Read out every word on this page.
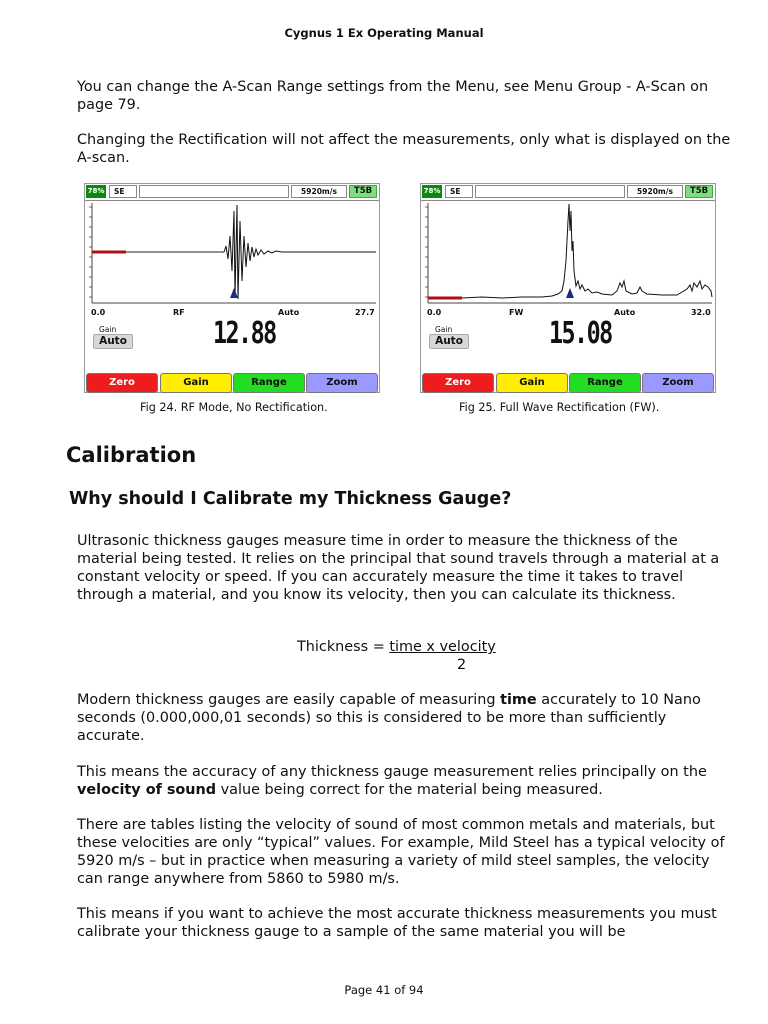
Cygnus 1 Ex Operating Manual

You can change the A-Scan Range settings from the Menu, see Menu Group - A-Scan on page 79.

Changing the Rectification will not affect the measurements, only what is displayed on the A-scan.

78%	SE	5920m/s	T5B
0.0	RF	Auto	27.7
Gain
Auto	12.88
Zero	Gain	Range	Zoom
Fig 24. RF Mode, No Rectification.
78%	SE	5920m/s	T5B
0.0	FW	Auto	32.0
Gain
Auto	15.08
Zero	Gain	Range	Zoom
Fig 25. Full Wave Rectification (FW).
Calibration
Why should I Calibrate my Thickness Gauge?

Ultrasonic thickness gauges measure time in order to measure the thickness of the material being tested. It relies on the principal that sound travels through a material at a constant velocity or speed. If you can accurately measure the time it takes to travel through a material, and you know its velocity, then you can calculate its thickness.

Thickness = time x velocity
2

Modern thickness gauges are easily capable of measuring time accurately to 10 Nano seconds (0.000,000,01 seconds) so this is considered to be more than sufficiently accurate.

This means the accuracy of any thickness gauge measurement relies principally on the velocity of sound value being correct for the material being measured.

There are tables listing the velocity of sound of most common metals and materials, but these velocities are only “typical” values. For example, Mild Steel has a typical velocity of 5920 m/s – but in practice when measuring a variety of mild steel samples, the velocity can range anywhere from 5860 to 5980 m/s.

This means if you want to achieve the most accurate thickness measurements you must calibrate your thickness gauge to a sample of the same material you will be

Page 41 of 94
